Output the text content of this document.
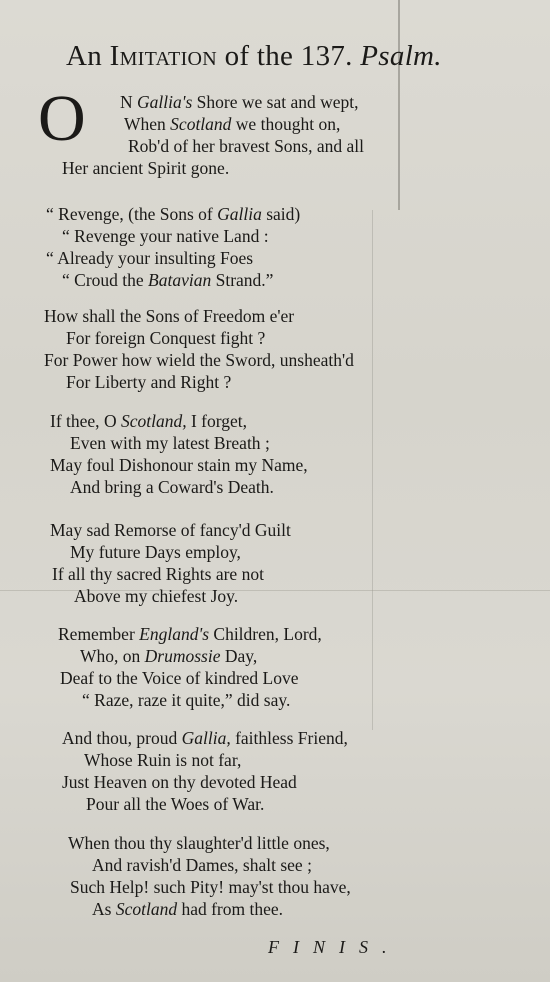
An Imitation of the 137. Psalm.
O N Gallia's Shore we sat and wept,
When Scotland we thought on,
Rob'd of her bravest Sons, and all
Her ancient Spirit gone.
“ Revenge, (the Sons of Gallia said)
“ Revenge your native Land :
“ Already your insulting Foes
“ Croud the Batavian Strand.”
How shall the Sons of Freedom e'er
For foreign Conquest fight ?
For Power how wield the Sword, unsheath'd
For Liberty and Right ?
If thee, O Scotland, I forget,
Even with my latest Breath ;
May foul Dishonour stain my Name,
And bring a Coward's Death.
May sad Remorse of fancy'd Guilt
My future Days employ,
If all thy sacred Rights are not
Above my chiefest Joy.
Remember England's Children, Lord,
Who, on Drumossie Day,
Deaf to the Voice of kindred Love
“ Raze, raze it quite,” did say.
And thou, proud Gallia, faithless Friend,
Whose Ruin is not far,
Just Heaven on thy devoted Head
Pour all the Woes of War.
When thou thy slaughter'd little ones,
And ravish'd Dames, shalt see ;
Such Help! such Pity! may'st thou have,
As Scotland had from thee.
FINIS.
